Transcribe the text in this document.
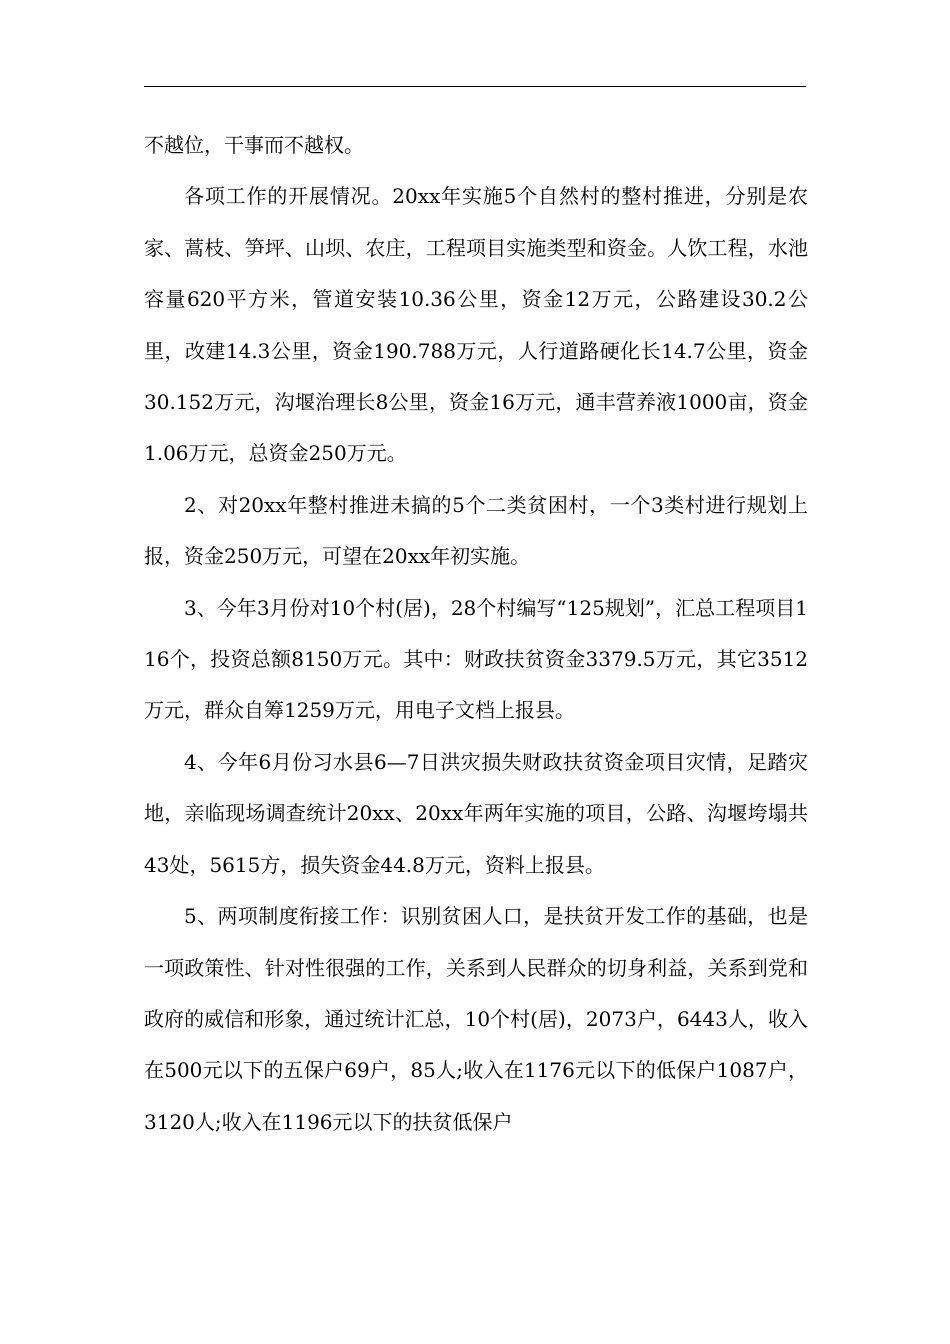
不越位，干事而不越权。

各项工作的开展情况。20xx年实施5个自然村的整村推进，分别是农家、蒿枝、笋坪、山坝、农庄，工程项目实施类型和资金。人饮工程，水池容量620平方米，管道安装10.36公里，资金12万元，公路建设30.2公里，改建14.3公里，资金190.788万元，人行道路硬化长14.7公里，资金30.152万元，沟堰治理长8公里，资金16万元，通丰营养液1000亩，资金1.06万元，总资金250万元。

2、对20xx年整村推进未搞的5个二类贫困村，一个3类村进行规划上报，资金250万元，可望在20xx年初实施。

3、今年3月份对10个村(居)，28个村编写“125规划”，汇总工程项目116个，投资总额8150万元。其中：财政扶贫资金3379.5万元，其它3512万元，群众自筹1259万元，用电子文档上报县。

4、今年6月份习水县6—7日洪灾损失财政扶贫资金项目灾情，足踏灾地，亲临现场调查统计20xx、20xx年两年实施的项目，公路、沟堰垮塌共43处，5615方，损失资金44.8万元，资料上报县。

5、两项制度衔接工作：识别贫困人口，是扶贫开发工作的基础，也是一项政策性、针对性很强的工作，关系到人民群众的切身利益，关系到党和政府的威信和形象，通过统计汇总，10个村(居)，2073户，6443人，收入在500元以下的五保户69户，85人;收入在1176元以下的低保户1087户，3120人;收入在1196元以下的扶贫低保户
